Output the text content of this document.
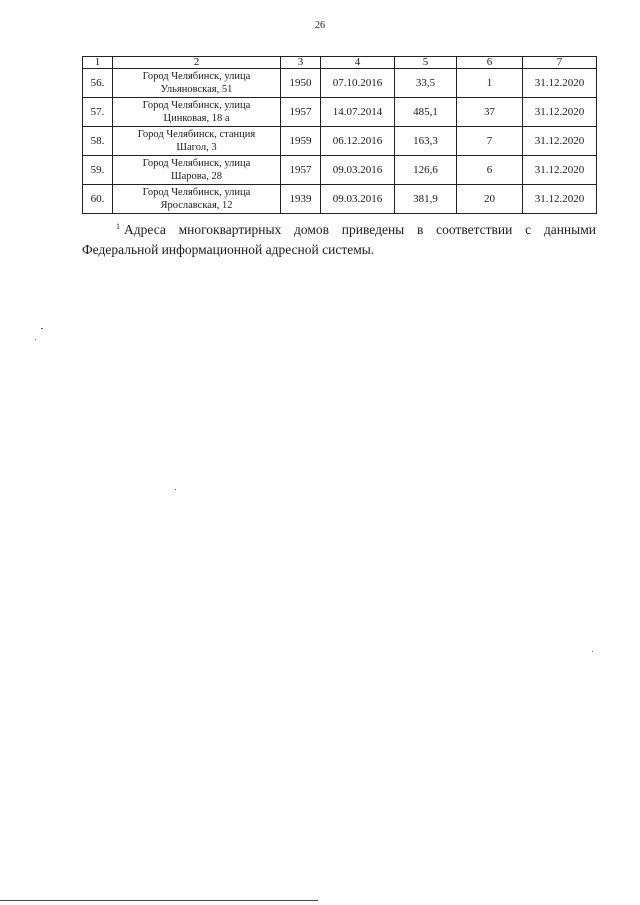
26
1	2	3	4	5	6	7
56.	Город Челябинск, улица
Ульяновская, 51	1950	07.10.2016	33,5	1	31.12.2020
57.	Город Челябинск, улица
Цинковая, 18 а	1957	14.07.2014	485,1	37	31.12.2020
58.	Город Челябинск, станция
Шагол, 3	1959	06.12.2016	163,3	7	31.12.2020
59.	Город Челябинск, улица
Шарова, 28	1957	09.03.2016	126,6	6	31.12.2020
60.	Город Челябинск, улица
Ярославская, 12	1939	09.03.2016	381,9	20	31.12.2020
$^1$ Адреса многоквартирных домов приведены в соответствии с данными
Федеральной информационной адресной системы.
